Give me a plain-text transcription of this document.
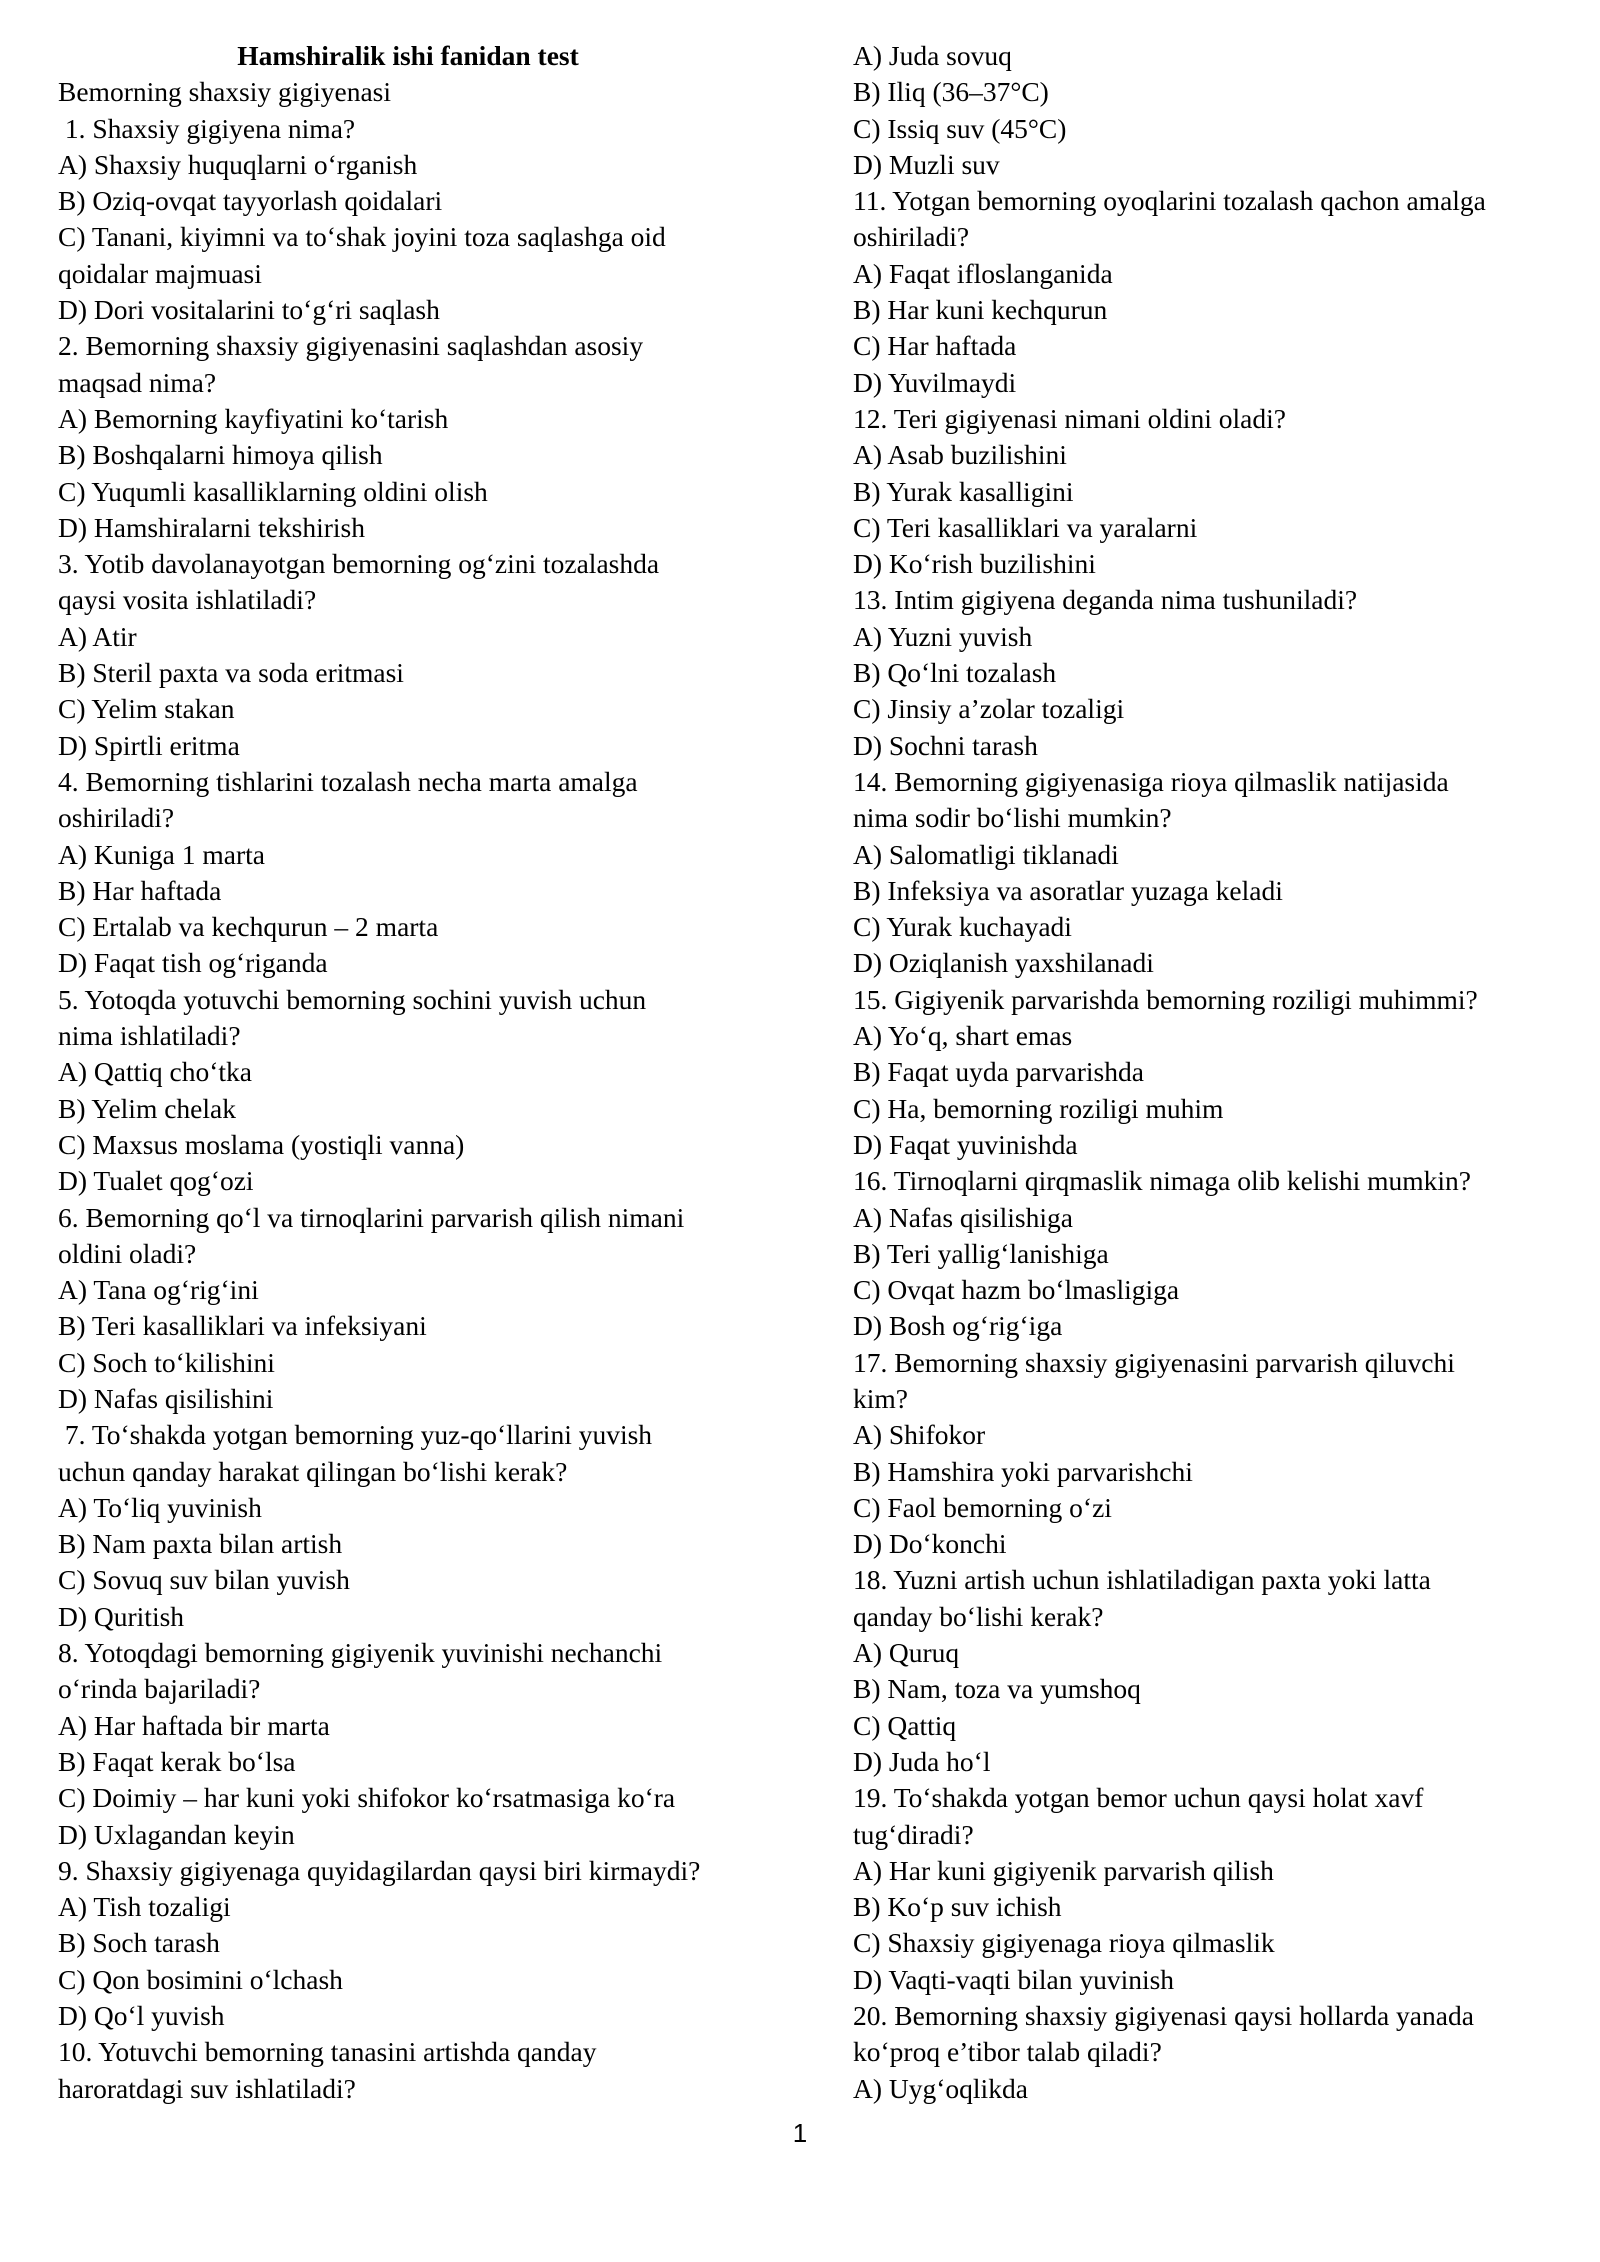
Hamshiralik ishi fanidan test
Bemorning shaxsiy gigiyenasi
1. Shaxsiy gigiyena nima?
A) Shaxsiy huquqlarni o‘rganish
B) Oziq-ovqat tayyorlash qoidalari
C) Tanani, kiyimni va to‘shak joyini toza saqlashga oid
qoidalar majmuasi
D) Dori vositalarini to‘g‘ri saqlash
2. Bemorning shaxsiy gigiyenasini saqlashdan asosiy
maqsad nima?
A) Bemorning kayfiyatini ko‘tarish
B) Boshqalarni himoya qilish
C) Yuqumli kasalliklarning oldini olish
D) Hamshiralarni tekshirish
3. Yotib davolanayotgan bemorning og‘zini tozalashda
qaysi vosita ishlatiladi?
A) Atir
B) Steril paxta va soda eritmasi
C) Yelim stakan
D) Spirtli eritma
4. Bemorning tishlarini tozalash necha marta amalga
oshiriladi?
A) Kuniga 1 marta
B) Har haftada
C) Ertalab va kechqurun – 2 marta
D) Faqat tish og‘riganda
5. Yotoqda yotuvchi bemorning sochini yuvish uchun
nima ishlatiladi?
A) Qattiq cho‘tka
B) Yelim chelak
C) Maxsus moslama (yostiqli vanna)
D) Tualet qog‘ozi
6. Bemorning qo‘l va tirnoqlarini parvarish qilish nimani
oldini oladi?
A) Tana og‘rig‘ini
B) Teri kasalliklari va infeksiyani
C) Soch to‘kilishini
D) Nafas qisilishini
7. To‘shakda yotgan bemorning yuz-qo‘llarini yuvish
uchun qanday harakat qilingan bo‘lishi kerak?
A) To‘liq yuvinish
B) Nam paxta bilan artish
C) Sovuq suv bilan yuvish
D) Quritish
8. Yotoqdagi bemorning gigiyenik yuvinishi nechanchi
o‘rinda bajariladi?
A) Har haftada bir marta
B) Faqat kerak bo‘lsa
C) Doimiy – har kuni yoki shifokor ko‘rsatmasiga ko‘ra
D) Uxlagandan keyin
9. Shaxsiy gigiyenaga quyidagilardan qaysi biri kirmaydi?
A) Tish tozaligi
B) Soch tarash
C) Qon bosimini o‘lchash
D) Qo‘l yuvish
10. Yotuvchi bemorning tanasini artishda qanday
haroratdagi suv ishlatiladi?
A) Juda sovuq
B) Iliq (36–37°C)
C) Issiq suv (45°C)
D) Muzli suv
11. Yotgan bemorning oyoqlarini tozalash qachon amalga
oshiriladi?
A) Faqat ifloslanganida
B) Har kuni kechqurun
C) Har haftada
D) Yuvilmaydi
12. Teri gigiyenasi nimani oldini oladi?
A) Asab buzilishini
B) Yurak kasalligini
C) Teri kasalliklari va yaralarni
D) Ko‘rish buzilishini
13. Intim gigiyena deganda nima tushuniladi?
A) Yuzni yuvish
B) Qo‘lni tozalash
C) Jinsiy a’zolar tozaligi
D) Sochni tarash
14. Bemorning gigiyenasiga rioya qilmaslik natijasida
nima sodir bo‘lishi mumkin?
A) Salomatligi tiklanadi
B) Infeksiya va asoratlar yuzaga keladi
C) Yurak kuchayadi
D) Oziqlanish yaxshilanadi
15. Gigiyenik parvarishda bemorning roziligi muhimmi?
A) Yo‘q, shart emas
B) Faqat uyda parvarishda
C) Ha, bemorning roziligi muhim
D) Faqat yuvinishda
16. Tirnoqlarni qirqmaslik nimaga olib kelishi mumkin?
A) Nafas qisilishiga
B) Teri yallig‘lanishiga
C) Ovqat hazm bo‘lmasligiga
D) Bosh og‘rig‘iga
17. Bemorning shaxsiy gigiyenasini parvarish qiluvchi
kim?
A) Shifokor
B) Hamshira yoki parvarishchi
C) Faol bemorning o‘zi
D) Do‘konchi
18. Yuzni artish uchun ishlatiladigan paxta yoki latta
qanday bo‘lishi kerak?
A) Quruq
B) Nam, toza va yumshoq
C) Qattiq
D) Juda ho‘l
19. To‘shakda yotgan bemor uchun qaysi holat xavf
tug‘diradi?
A) Har kuni gigiyenik parvarish qilish
B) Ko‘p suv ichish
C) Shaxsiy gigiyenaga rioya qilmaslik
D) Vaqti-vaqti bilan yuvinish
20. Bemorning shaxsiy gigiyenasi qaysi hollarda yanada
ko‘proq e’tibor talab qiladi?
A) Uyg‘oqlikda
1
